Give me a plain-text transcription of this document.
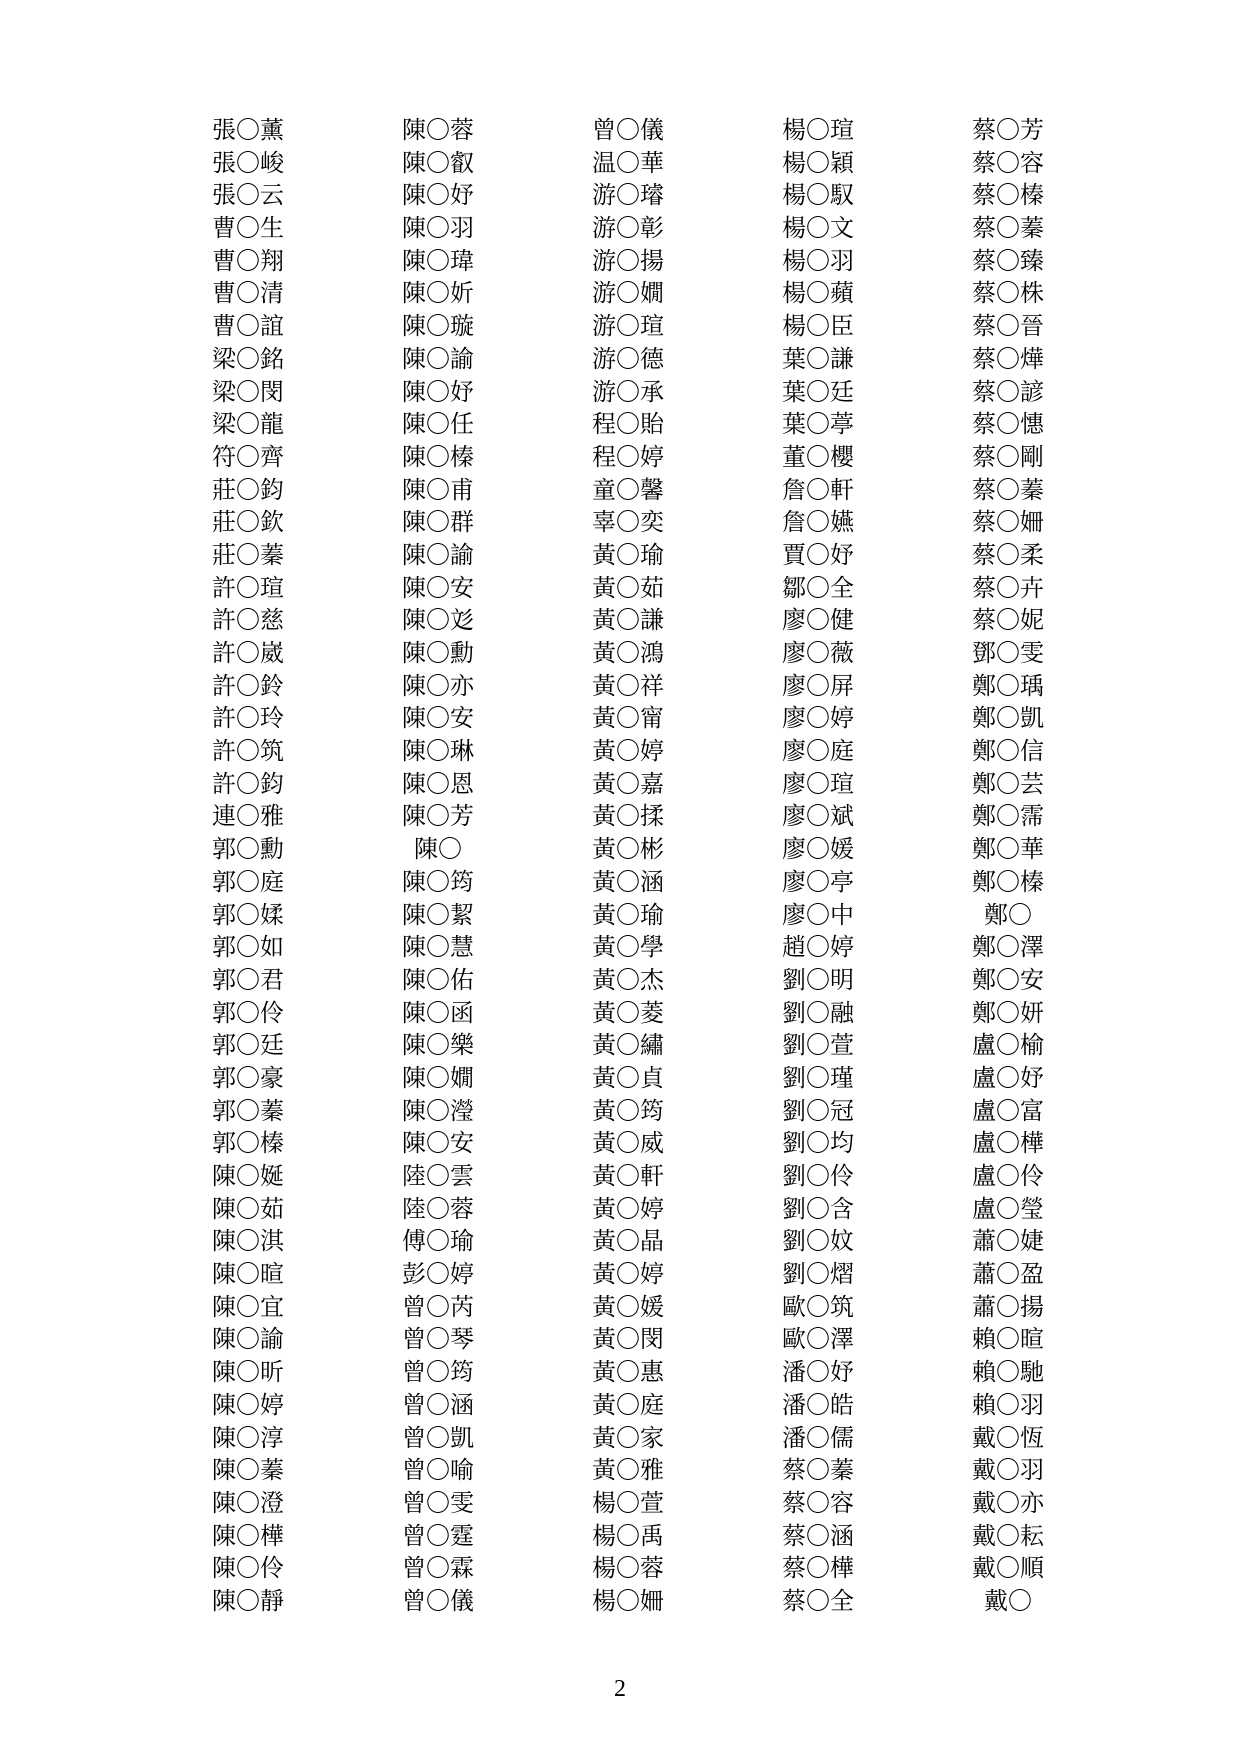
張〇薰	陳〇蓉	曾〇儀	楊〇瑄	蔡〇芳
張〇峻	陳〇叡	温〇華	楊〇穎	蔡〇容
張〇云	陳〇妤	游〇璿	楊〇馭	蔡〇榛
曹〇生	陳〇羽	游〇彰	楊〇文	蔡〇蓁
曹〇翔	陳〇瑋	游〇揚	楊〇羽	蔡〇臻
曹〇清	陳〇妡	游〇嫺	楊〇蘋	蔡〇株
曹〇誼	陳〇璇	游〇瑄	楊〇臣	蔡〇晉
梁〇銘	陳〇諭	游〇德	葉〇謙	蔡〇燁
梁〇閔	陳〇妤	游〇承	葉〇廷	蔡〇諺
梁〇龍	陳〇任	程〇貽	葉〇葶	蔡〇憓
符〇齊	陳〇榛	程〇婷	董〇櫻	蔡〇剛
莊〇鈞	陳〇甫	童〇馨	詹〇軒	蔡〇蓁
莊〇欽	陳〇群	辜〇奕	詹〇嬿	蔡〇姍
莊〇蓁	陳〇諭	黃〇瑜	賈〇妤	蔡〇柔
許〇瑄	陳〇安	黃〇茹	鄒〇全	蔡〇卉
許〇慈	陳〇彣	黃〇謙	廖〇健	蔡〇妮
許〇崴	陳〇勳	黃〇鴻	廖〇薇	鄧〇雯
許〇鈴	陳〇亦	黃〇祥	廖〇屏	鄭〇瑀
許〇玲	陳〇安	黃〇甯	廖〇婷	鄭〇凱
許〇筑	陳〇琳	黃〇婷	廖〇庭	鄭〇信
許〇鈞	陳〇恩	黃〇嘉	廖〇瑄	鄭〇芸
連〇雅	陳〇芳	黃〇揉	廖〇斌	鄭〇霈
郭〇勳	陳〇	黃〇彬	廖〇媛	鄭〇華
郭〇庭	陳〇筠	黃〇涵	廖〇亭	鄭〇榛
郭〇媃	陳〇絜	黃〇瑜	廖〇中	鄭〇
郭〇如	陳〇慧	黃〇學	趙〇婷	鄭〇澤
郭〇君	陳〇佑	黃〇杰	劉〇明	鄭〇安
郭〇伶	陳〇函	黃〇菱	劉〇融	鄭〇妍
郭〇廷	陳〇樂	黃〇繡	劉〇萱	盧〇榆
郭〇豪	陳〇嫺	黃〇貞	劉〇瑾	盧〇妤
郭〇蓁	陳〇瀅	黃〇筠	劉〇冠	盧〇富
郭〇榛	陳〇安	黃〇威	劉〇均	盧〇樺
陳〇娫	陸〇雲	黃〇軒	劉〇伶	盧〇伶
陳〇茹	陸〇蓉	黃〇婷	劉〇含	盧〇瑩
陳〇淇	傅〇瑜	黃〇晶	劉〇妏	蕭〇婕
陳〇暄	彭〇婷	黃〇婷	劉〇熠	蕭〇盈
陳〇宜	曾〇芮	黃〇媛	歐〇筑	蕭〇揚
陳〇諭	曾〇琴	黃〇閔	歐〇澤	賴〇暄
陳〇昕	曾〇筠	黃〇惠	潘〇妤	賴〇馳
陳〇婷	曾〇涵	黃〇庭	潘〇皓	賴〇羽
陳〇淳	曾〇凱	黃〇家	潘〇儒	戴〇恆
陳〇蓁	曾〇喻	黃〇雅	蔡〇蓁	戴〇羽
陳〇澄	曾〇雯	楊〇萱	蔡〇容	戴〇亦
陳〇樺	曾〇霆	楊〇禹	蔡〇涵	戴〇耘
陳〇伶	曾〇霖	楊〇蓉	蔡〇樺	戴〇順
陳〇靜	曾〇儀	楊〇姍	蔡〇全	戴〇
2
